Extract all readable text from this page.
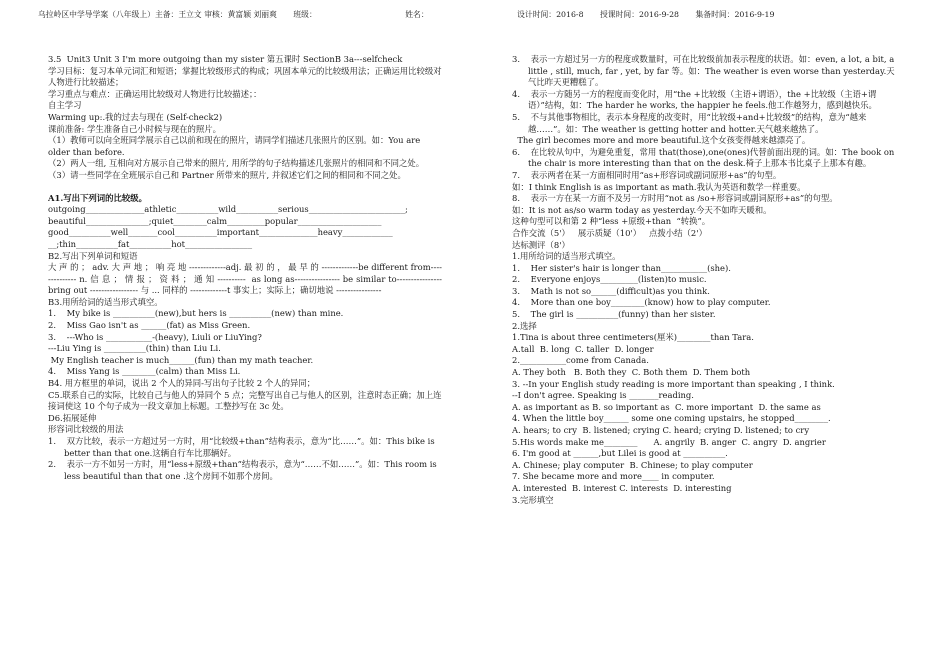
乌拉岭区中学导学案（八年级上）主备：王立文 审核：黄富颖 刘丽爽 班级：	姓名：	设计时间：2016-8 授课时间：2016-9-28 集备时间：2016-9-19
3.5  Unit3 Unit 3 I'm more outgoing than my sister 第五课时 SectionB 3a---selfcheck
学习目标：复习本单元词汇和短语；掌握比较级形式的构成；巩固本单元的比较级用法；正确运用比较级对人物进行比较描述；
学习重点与难点：正确运用比较级对人物进行比较描述；：
自主学习
Warming up:.我的过去与现在 (Self-check2)
课前准备: 学生准备自己小时候与现在的照片。
（1）教师可以向全班同学展示自己以前和现在的照片，请同学们描述几张照片的区别。如：You are older than before.
（2）两人一组, 互相向对方展示自己带来的照片, 用所学的句子结构描述几张照片的相同和不同之处。
（3）请一些同学在全班展示自己和 Partner 所带来的照片, 并叙述它们之间的相同和不同之处。
A1.写出下列词的比较级。
outgoing______________athletic__________wild__________serious_______________________;
beautiful_______________;quiet________calm_________popular____________________
good__________well_______cool__________important______________heavy____________
__;thin__________fat__________hot________________
B2.写出下列单词和短语
大 声 的 ； adv. 大 声 地 ； 响 亮 地 -------------adj. 最 初 的 ， 最 早 的 -------------be different from-------------- n. 信 息 ； 情 报 ； 资 料 ； 通 知 ----------  as long as---------------- be similar to----------------bring out ----------------- 与 ... 同样的 -------------t 事实上；实际上；确切地说 ----------------
B3.用所给词的适当形式填空。
1.    My bike is __________(new),but hers is __________(new) than mine.
2.    Miss Gao isn't as ______(fat) as Miss Green.
3.    ---Who is ___________-(heavy), Liuli or LiuYing?
---Liu Ying is __________(thin) than Liu Li.
My English teacher is much______(fun) than my math teacher.
4.    Miss Yang is ________(calm) than Miss Li.
B4. 用方框里的单词，说出 2 个人的异同-写出句子比较 2 个人的异同；
C5.联系自己的实际，比较自己与他人的异同个 5 点；完整写出自己与他人的区别，注意时态正确；加上连接词使这 10 个句子成为一段文章加上标题。工整抄写在 3c 处。
D6.拓展延伸
形容词比较级的用法
1.    双方比较，表示一方超过另一方时，用“比较级+than”结构表示，意为“比……”。如：This bike is better than that one.这辆自行车比那辆好。
2.    表示一方不如另一方时，用“less+原级+than”结构表示，意为“……不如……”。如：This room is less beautiful than that one .这个房间不如那个房间。
3.    表示一方超过另一方的程度或数量时，可在比较级前加表示程度的状语。如：even, a lot, a bit, a little , still, much, far , yet, by far 等。如：The weather is even worse than yesterday.天气比昨天更糟糕了。
4.    表示一方随另一方的程度而变化时，用“the +比较级（主语+谓语），the +比较级（主语+谓语）”结构，如：The harder he works, the happier he feels.他工作越努力，感到越快乐。
5.    不与其他事物相比，表示本身程度的改变时，用“比较级+and+比较级”的结构，意为“越来越……”。如：The weather is getting hotter and hotter.天气越来越热了。
The girl becomes more and more beautiful.这个女孩变得越来越漂亮了。
6.    在比较从句中，为避免重复，常用 that(those),one(ones)代替前面出现的词。如：The book on the chair is more interesting than that on the desk.椅子上那本书比桌子上那本有趣。
7.    表示两者在某一方面相同时用“as+形容词或副词原形+as”的句型。
如：I think English is as important as math.我认为英语和数学一样重要。
8.    表示一方在某一方面不及另一方时用“not as /so+形容词或副词原形+as”的句型。
如：It is not as/so warm today as yesterday.今天不如昨天暖和。
这种句型可以和第 2 种“less +原级+than  “转换”。
合作交流（5'）   展示质疑（10'）   点拨小结（2'）
达标测评（8'）
1.用所给词的适当形式填空。
1.    Her sister's hair is longer than___________(she).
2.    Everyone enjoys_________(listen)to music.
3.    Math is not so______(difficult)as you think.
4.    More than one boy________(know) how to play computer.
5.    The girl is __________(funny) than her sister.
2.选择
1.Tina is about three centimeters(厘米)________than Tara.
A.tall  B. long  C. taller  D. longer
2.___________come from Canada.
A. They both   B. Both they  C. Both them  D. Them both
3. --In your English study reading is more important than speaking , I think.
--I don't agree. Speaking is _______reading.
A. as important as B. so important as  C. more important  D. the same as
4. When the little boy______ some one coming upstairs, he stopped________.
A. hears; to cry  B. listened; crying C. heard; crying D. listened; to cry
5.His words make me________      A. angrily  B. anger  C. angry  D. angrier
6. I'm good at ______,but Lilei is good at __________.
A. Chinese; play computer  B. Chinese; to play computer
7. She became more and more____ in computer.
A. interested  B. interest C. interests  D. interesting
3.完形填空
